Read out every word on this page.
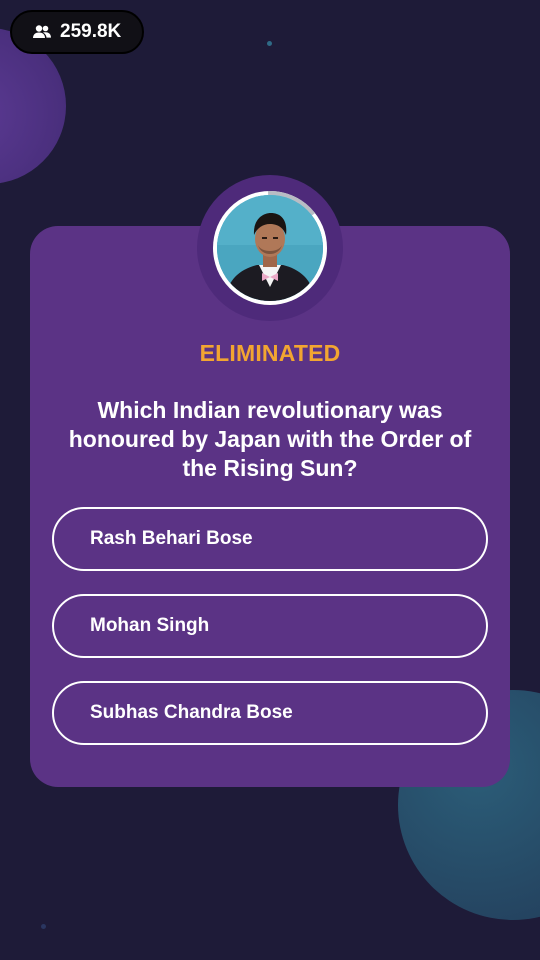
259.8K
ELIMINATED
Which Indian revolutionary was honoured by Japan with the Order of the Rising Sun?
Rash Behari Bose
Mohan Singh
Subhas Chandra Bose
